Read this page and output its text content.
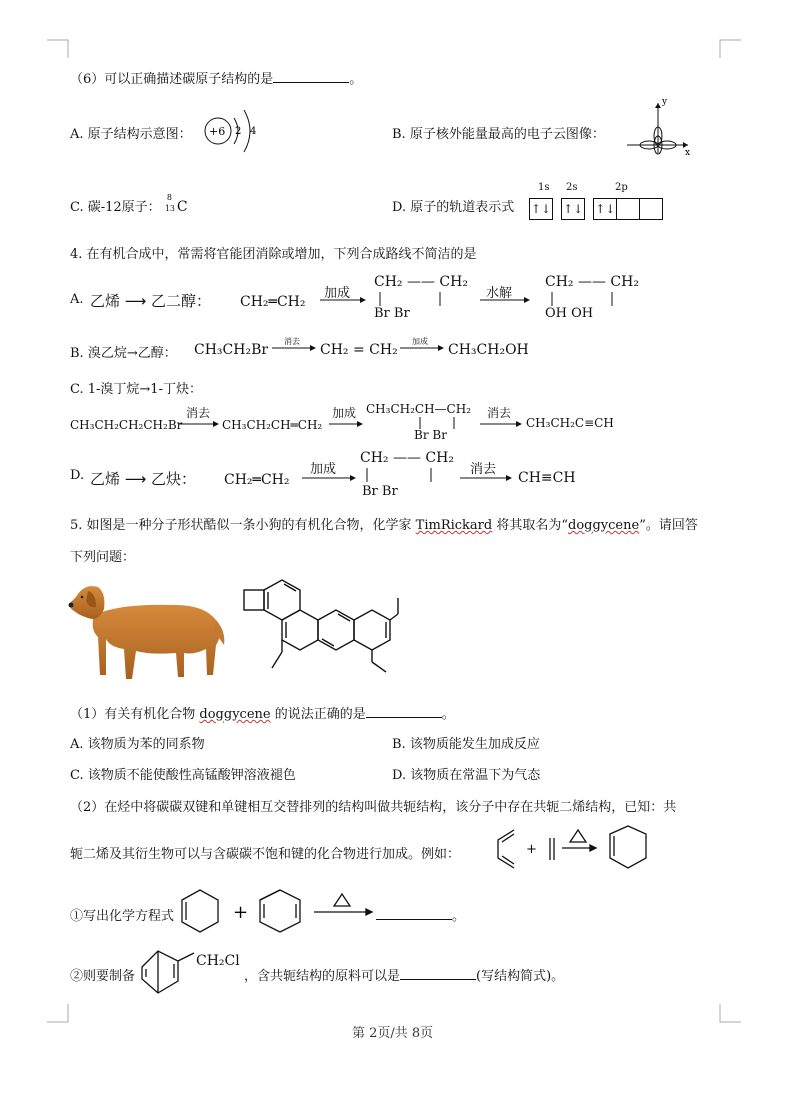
（6）可以正确描述碳原子结构的是	。
A. 原子结构示意图： +6 2 4	B. 原子核外能量最高的电子云图像：
y
x
C. 碳-12原子：
8
13 C	D. 原子的轨道表示式
1s 2s	2p
↑↓ ↑↓ ↑↓
4. 在有机合成中，常需将官能团消除或增加，下列合成路线不简洁的是
A. 乙烯 ⟶ 乙二醇： CH₂═CH₂ →
加成
CH₂ —— CH₂
Br Br
水解
CH₂ —— CH₂
OH OH
B. 溴乙烷→乙醇： CH₃CH₂Br →
消去
CH₂ = CH₂ →
加成
CH₃CH₂OH
C. 1-溴丁烷→1-丁炔：
CH₃CH₂CH₂CH₂Br
消去
CH₃CH₂CH═CH₂ →
加成 CH₃CH₂CH—CH₂
Br Br
消去
CH₃CH₂C≡CH
D. 乙烯 ⟶ 乙炔： CH₂═CH₂
加成
CH₂ —— CH₂
Br Br
消去
CH≡CH
5. 如图是一种分子形状酷似一条小狗的有机化合物，化学家 TimRickard 将其取名为“doggycene”。请回答
下列问题：
（1）有关有机化合物 doggycene 的说法正确的是	。
A. 该物质为苯的同系物	B. 该物质能发生加成反应
C. 该物质不能使酸性高锰酸钾溶液褪色	D. 该物质在常温下为气态
（2）在烃中将碳碳双键和单键相互交替排列的结构叫做共轭结构，该分子中存在共轭二烯结构，已知：共
轭二烯及其衍生物可以与含碳碳不饱和键的化合物进行加成。例如：	+
①写出化学方程式	+	。
②则要制备
CH₂Cl
，含共轭结构的原料可以是	(写结构简式)。
第 2页/共 8页
